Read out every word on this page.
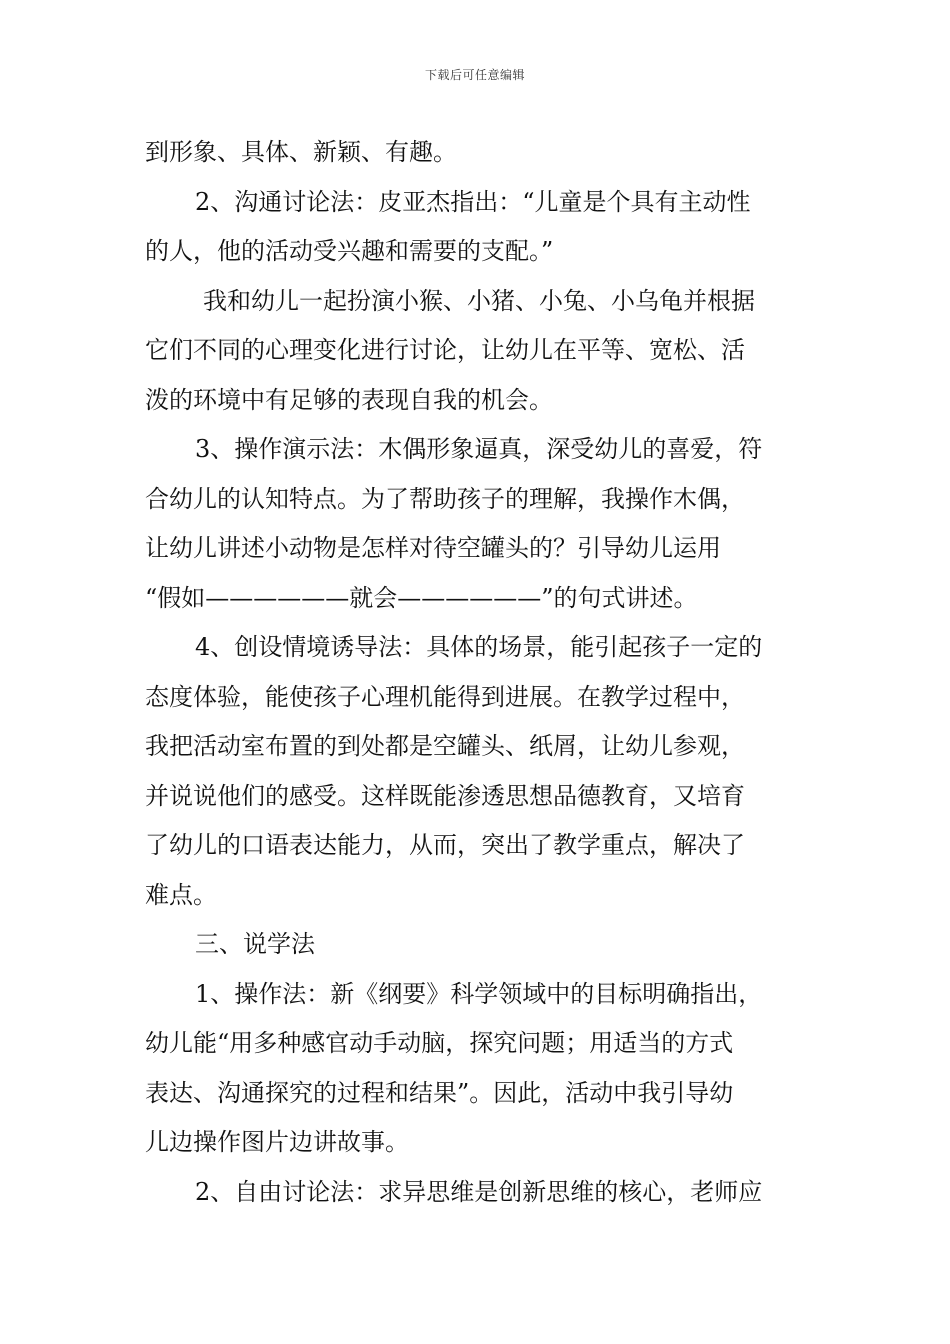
下载后可任意编辑
到形象、具体、新颖、有趣。
2、沟通讨论法：皮亚杰指出：“儿童是个具有主动性
的人，他的活动受兴趣和需要的支配。”
我和幼儿一起扮演小猴、小猪、小兔、小乌龟并根据
它们不同的心理变化进行讨论，让幼儿在平等、宽松、活
泼的环境中有足够的表现自我的机会。
3、操作演示法：木偶形象逼真，深受幼儿的喜爱，符
合幼儿的认知特点。为了帮助孩子的理解，我操作木偶，
让幼儿讲述小动物是怎样对待空罐头的？引导幼儿运用
“假如——————就会——————”的句式讲述。
4、创设情境诱导法：具体的场景，能引起孩子一定的
态度体验，能使孩子心理机能得到进展。在教学过程中，
我把活动室布置的到处都是空罐头、纸屑，让幼儿参观，
并说说他们的感受。这样既能渗透思想品德教育，又培育
了幼儿的口语表达能力，从而，突出了教学重点，解决了
难点。
三、说学法
1、操作法：新《纲要》科学领域中的目标明确指出，
幼儿能“用多种感官动手动脑，探究问题；用适当的方式
表达、沟通探究的过程和结果”。因此，活动中我引导幼
儿边操作图片边讲故事。
2、自由讨论法：求异思维是创新思维的核心，老师应
